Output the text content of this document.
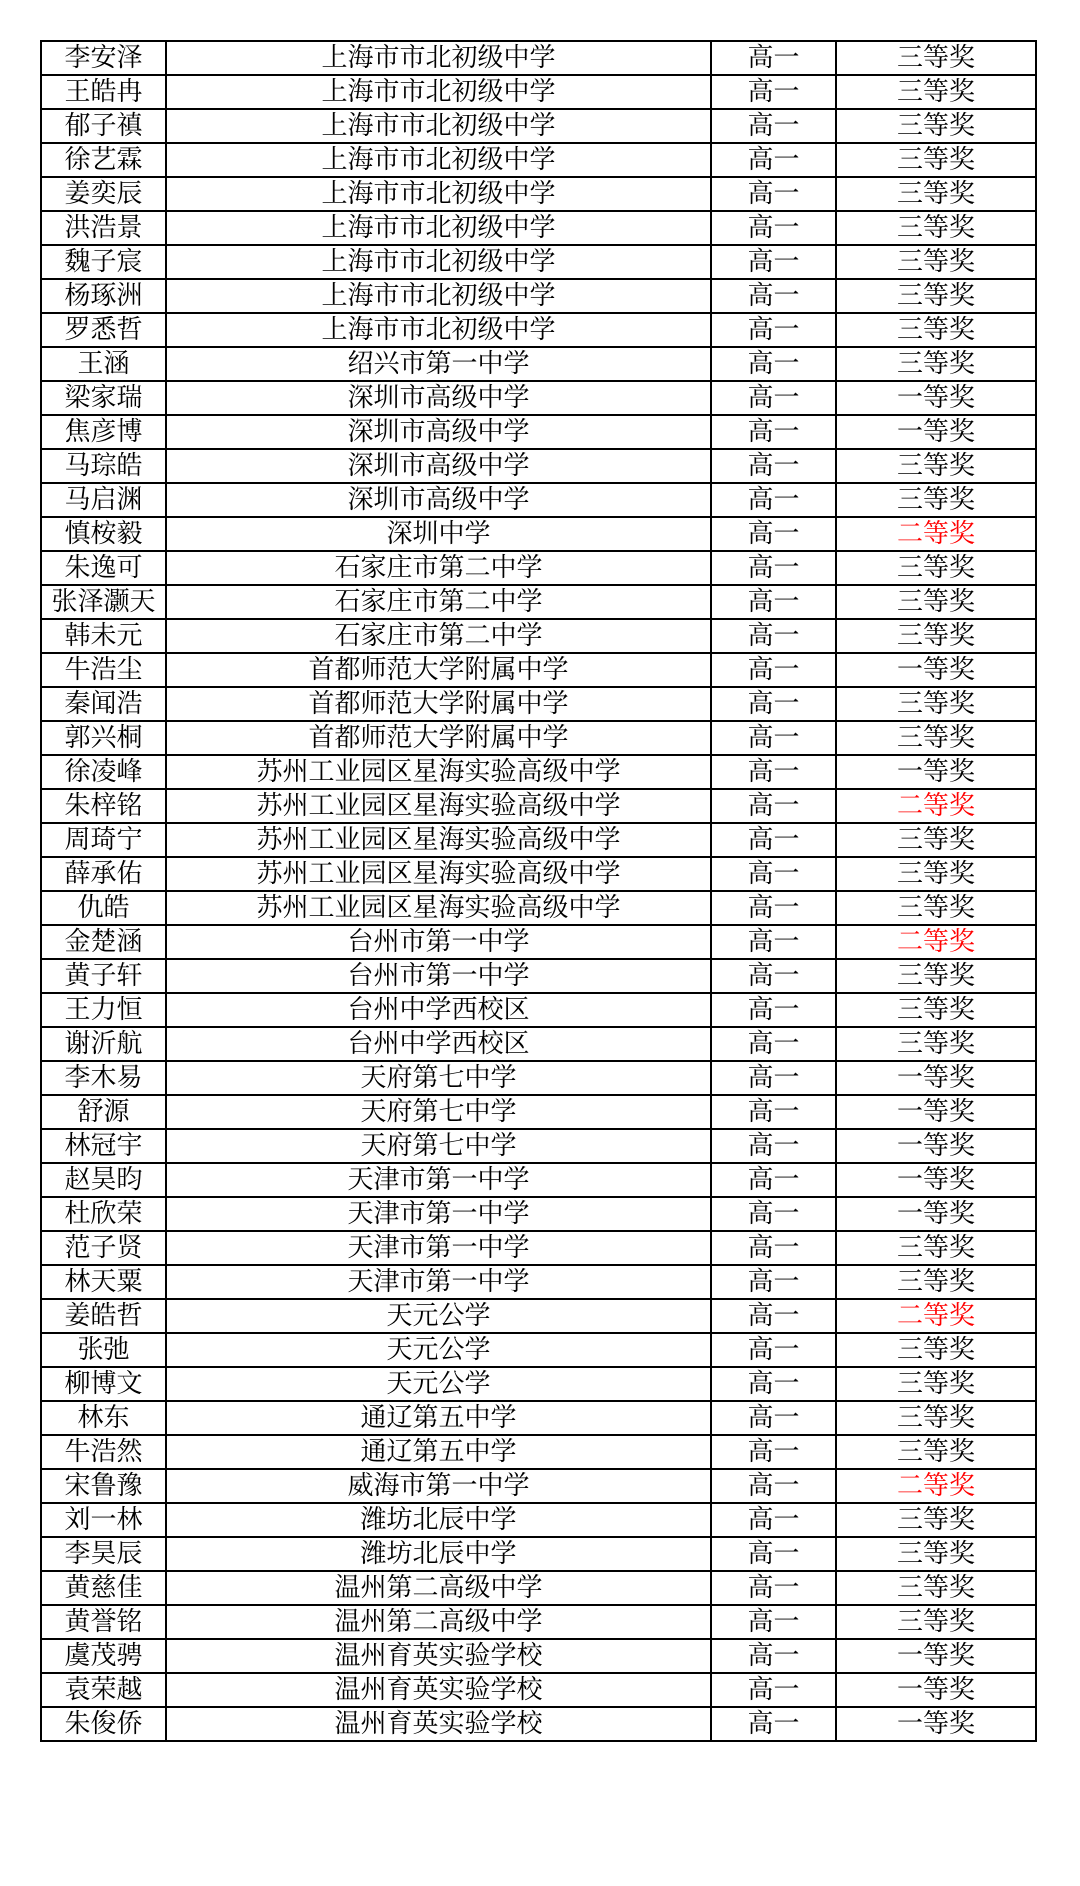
李安泽	上海市市北初级中学	高一	三等奖
王皓冉	上海市市北初级中学	高一	三等奖
郁子禛	上海市市北初级中学	高一	三等奖
徐艺霖	上海市市北初级中学	高一	三等奖
姜奕辰	上海市市北初级中学	高一	三等奖
洪浩景	上海市市北初级中学	高一	三等奖
魏子宸	上海市市北初级中学	高一	三等奖
杨琢洲	上海市市北初级中学	高一	三等奖
罗悉哲	上海市市北初级中学	高一	三等奖
王涵	绍兴市第一中学	高一	三等奖
梁家瑞	深圳市高级中学	高一	一等奖
焦彦博	深圳市高级中学	高一	一等奖
马琮皓	深圳市高级中学	高一	三等奖
马启渊	深圳市高级中学	高一	三等奖
慎桉毅	深圳中学	高一	二等奖
朱逸可	石家庄市第二中学	高一	三等奖
张泽灏天	石家庄市第二中学	高一	三等奖
韩未元	石家庄市第二中学	高一	三等奖
牛浩尘	首都师范大学附属中学	高一	一等奖
秦闻浩	首都师范大学附属中学	高一	三等奖
郭兴桐	首都师范大学附属中学	高一	三等奖
徐凌峰	苏州工业园区星海实验高级中学	高一	一等奖
朱梓铭	苏州工业园区星海实验高级中学	高一	二等奖
周琦宁	苏州工业园区星海实验高级中学	高一	三等奖
薛承佑	苏州工业园区星海实验高级中学	高一	三等奖
仇皓	苏州工业园区星海实验高级中学	高一	三等奖
金楚涵	台州市第一中学	高一	二等奖
黄子轩	台州市第一中学	高一	三等奖
王力恒	台州中学西校区	高一	三等奖
谢沂航	台州中学西校区	高一	三等奖
李木易	天府第七中学	高一	一等奖
舒源	天府第七中学	高一	一等奖
林冠宇	天府第七中学	高一	一等奖
赵昊昀	天津市第一中学	高一	一等奖
杜欣荣	天津市第一中学	高一	一等奖
范子贤	天津市第一中学	高一	三等奖
林天粟	天津市第一中学	高一	三等奖
姜皓哲	天元公学	高一	二等奖
张弛	天元公学	高一	三等奖
柳博文	天元公学	高一	三等奖
林东	通辽第五中学	高一	三等奖
牛浩然	通辽第五中学	高一	三等奖
宋鲁豫	威海市第一中学	高一	二等奖
刘一林	潍坊北辰中学	高一	三等奖
李昊辰	潍坊北辰中学	高一	三等奖
黄慈佳	温州第二高级中学	高一	三等奖
黄誉铭	温州第二高级中学	高一	三等奖
虞茂骋	温州育英实验学校	高一	一等奖
袁荣越	温州育英实验学校	高一	一等奖
朱俊侨	温州育英实验学校	高一	一等奖
